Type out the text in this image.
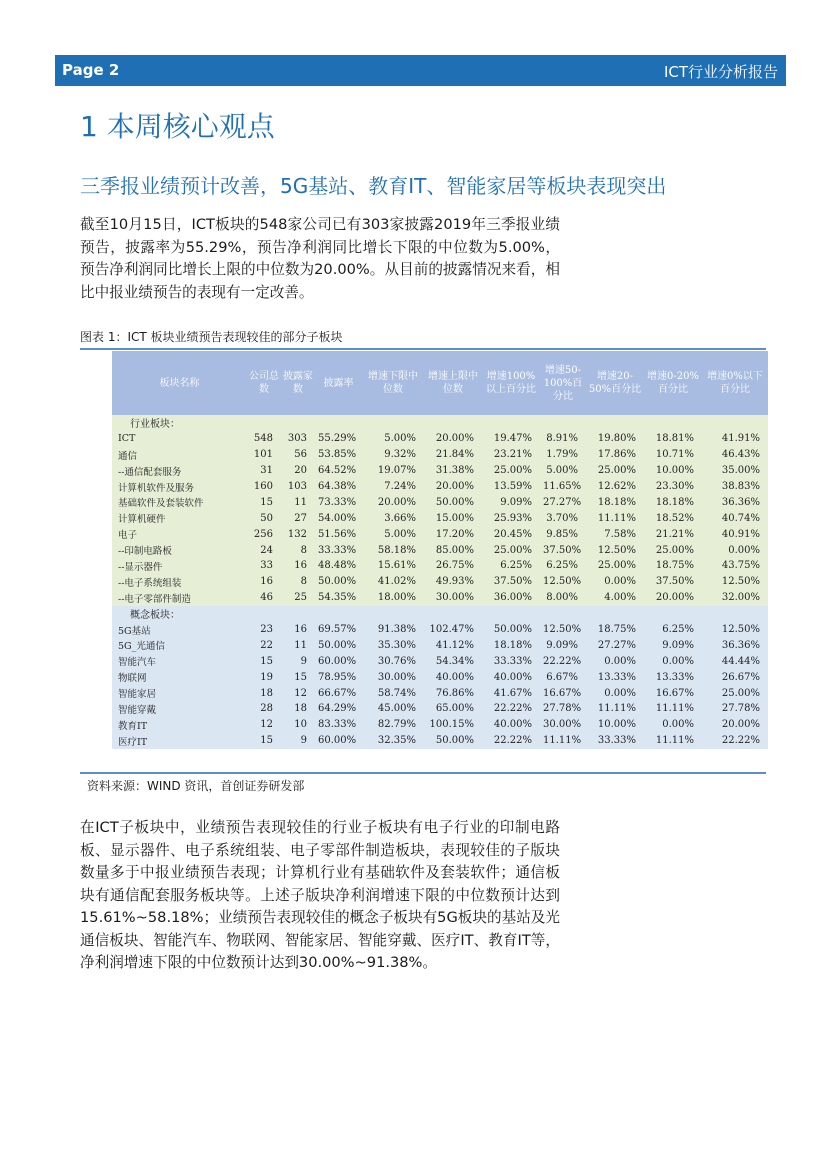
Page 2	ICT行业分析报告
1 本周核心观点
三季报业绩预计改善，5G基站、教育IT、智能家居等板块表现突出

截至10月15日，ICT板块的548家公司已有303家披露2019年三季报业绩预告，披露率为55.29%，预告净利润同比增长下限的中位数为5.00%，预告净利润同比增长上限的中位数为20.00%。从目前的披露情况来看，相比中报业绩预告的表现有一定改善。

图表 1：ICT 板块业绩预告表现较佳的部分子板块
板块名称	公司总数	披露家数	披露率	增速下限中位数	增速上限中位数	增速100%以上百分比	增速50-100%百分比	增速20-50%百分比	增速0-20%百分比	增速0%以下百分比
行业板块：										
ICT	548	303	55.29%	5.00%	20.00%	19.47%	8.91%	19.80%	18.81%	41.91%
通信	101	56	53.85%	9.32%	21.84%	23.21%	1.79%	17.86%	10.71%	46.43%
--通信配套服务	31	20	64.52%	19.07%	31.38%	25.00%	5.00%	25.00%	10.00%	35.00%
计算机软件及服务	160	103	64.38%	7.24%	20.00%	13.59%	11.65%	12.62%	23.30%	38.83%
基础软件及套装软件	15	11	73.33%	20.00%	50.00%	9.09%	27.27%	18.18%	18.18%	36.36%
计算机硬件	50	27	54.00%	3.66%	15.00%	25.93%	3.70%	11.11%	18.52%	40.74%
电子	256	132	51.56%	5.00%	17.20%	20.45%	9.85%	7.58%	21.21%	40.91%
--印制电路板	24	8	33.33%	58.18%	85.00%	25.00%	37.50%	12.50%	25.00%	0.00%
--显示器件	33	16	48.48%	15.61%	26.75%	6.25%	6.25%	25.00%	18.75%	43.75%
--电子系统组装	16	8	50.00%	41.02%	49.93%	37.50%	12.50%	0.00%	37.50%	12.50%
--电子零部件制造	46	25	54.35%	18.00%	30.00%	36.00%	8.00%	4.00%	20.00%	32.00%
概念板块：										
5G基站	23	16	69.57%	91.38%	102.47%	50.00%	12.50%	18.75%	6.25%	12.50%
5G_光通信	22	11	50.00%	35.30%	41.12%	18.18%	9.09%	27.27%	9.09%	36.36%
智能汽车	15	9	60.00%	30.76%	54.34%	33.33%	22.22%	0.00%	0.00%	44.44%
物联网	19	15	78.95%	30.00%	40.00%	40.00%	6.67%	13.33%	13.33%	26.67%
智能家居	18	12	66.67%	58.74%	76.86%	41.67%	16.67%	0.00%	16.67%	25.00%
智能穿戴	28	18	64.29%	45.00%	65.00%	22.22%	27.78%	11.11%	11.11%	27.78%
教育IT	12	10	83.33%	82.79%	100.15%	40.00%	30.00%	10.00%	0.00%	20.00%
医疗IT	15	9	60.00%	32.35%	50.00%	22.22%	11.11%	33.33%	11.11%	22.22%
资料来源：WIND 资讯，首创证券研发部

在ICT子板块中，业绩预告表现较佳的行业子板块有电子行业的印制电路板、显示器件、电子系统组装、电子零部件制造板块，表现较佳的子版块数量多于中报业绩预告表现；计算机行业有基础软件及套装软件；通信板块有通信配套服务板块等。上述子版块净利润增速下限的中位数预计达到15.61%~58.18%；业绩预告表现较佳的概念子板块有5G板块的基站及光通信板块、智能汽车、物联网、智能家居、智能穿戴、医疗IT、教育IT等，净利润增速下限的中位数预计达到30.00%~91.38%。
